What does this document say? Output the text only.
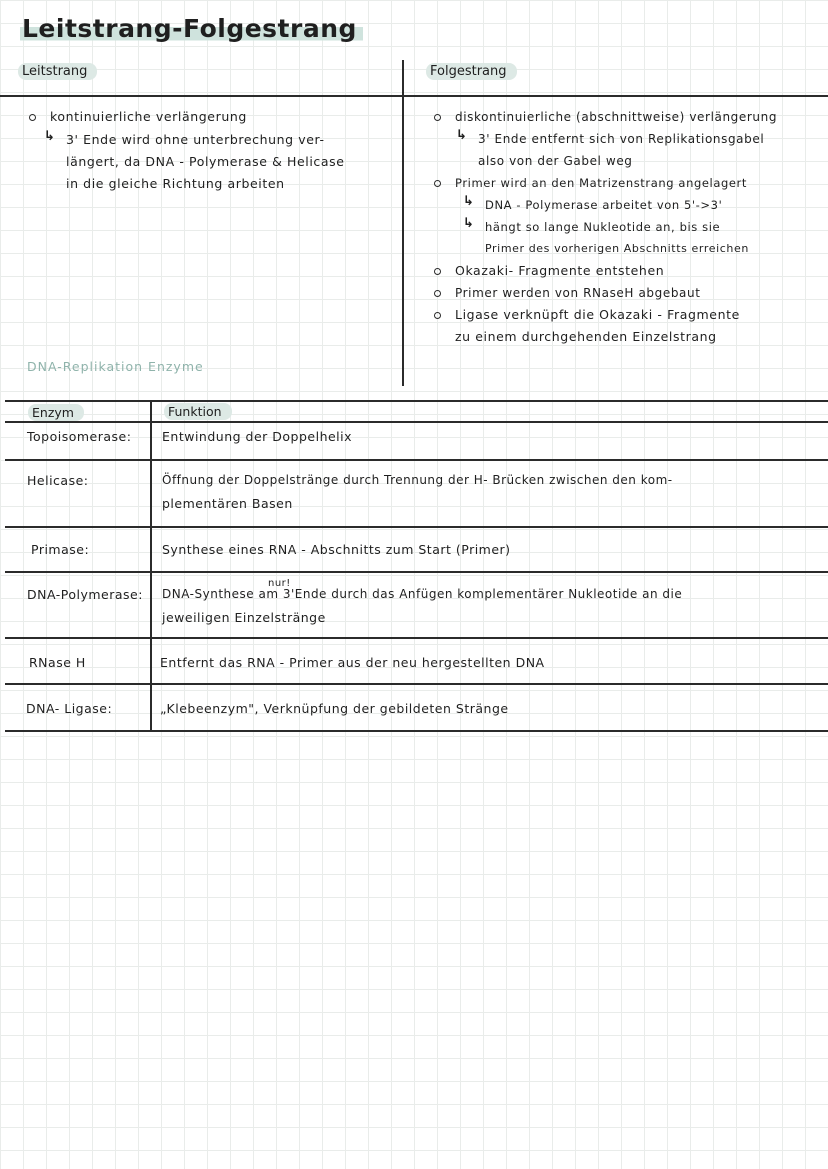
Leitstrang-Folgestrang
Leitstrang	Folgestrang
kontinuierliche verlängerung
↳ 3' Ende wird ohne unterbrechung ver-
längert, da DNA - Polymerase & Helicase
in die gleiche Richtung arbeiten
diskontinuierliche (abschnittweise) verlängerung
↳ 3' Ende entfernt sich von Replikationsgabel
also von der Gabel weg
Primer wird an den Matrizenstrang angelagert
↳ DNA - Polymerase arbeitet von 5'->3'
↳ hängt so lange Nukleotide an, bis sie
Primer des vorherigen Abschnitts erreichen
Okazaki- Fragmente entstehen
Primer werden von RNaseH abgebaut
Ligase verknüpft die Okazaki - Fragmente
zu einem durchgehenden Einzelstrang
DNA-Replikation Enzyme
Enzym	Funktion
Topoisomerase: Entwindung der Doppelhelix
Helicase:	Öffnung der Doppelstränge durch Trennung der H- Brücken zwischen den kom-
plementären Basen
Primase:	Synthese eines RNA - Abschnitts zum Start (Primer)
nur!
DNA-Polymerase: DNA-Synthese am 3'Ende durch das Anfügen komplementärer Nukleotide an die
jeweiligen Einzelstränge
RNase H	Entfernt das RNA - Primer aus der neu hergestellten DNA
DNA- Ligase:	„Klebeenzym", Verknüpfung der gebildeten Stränge
